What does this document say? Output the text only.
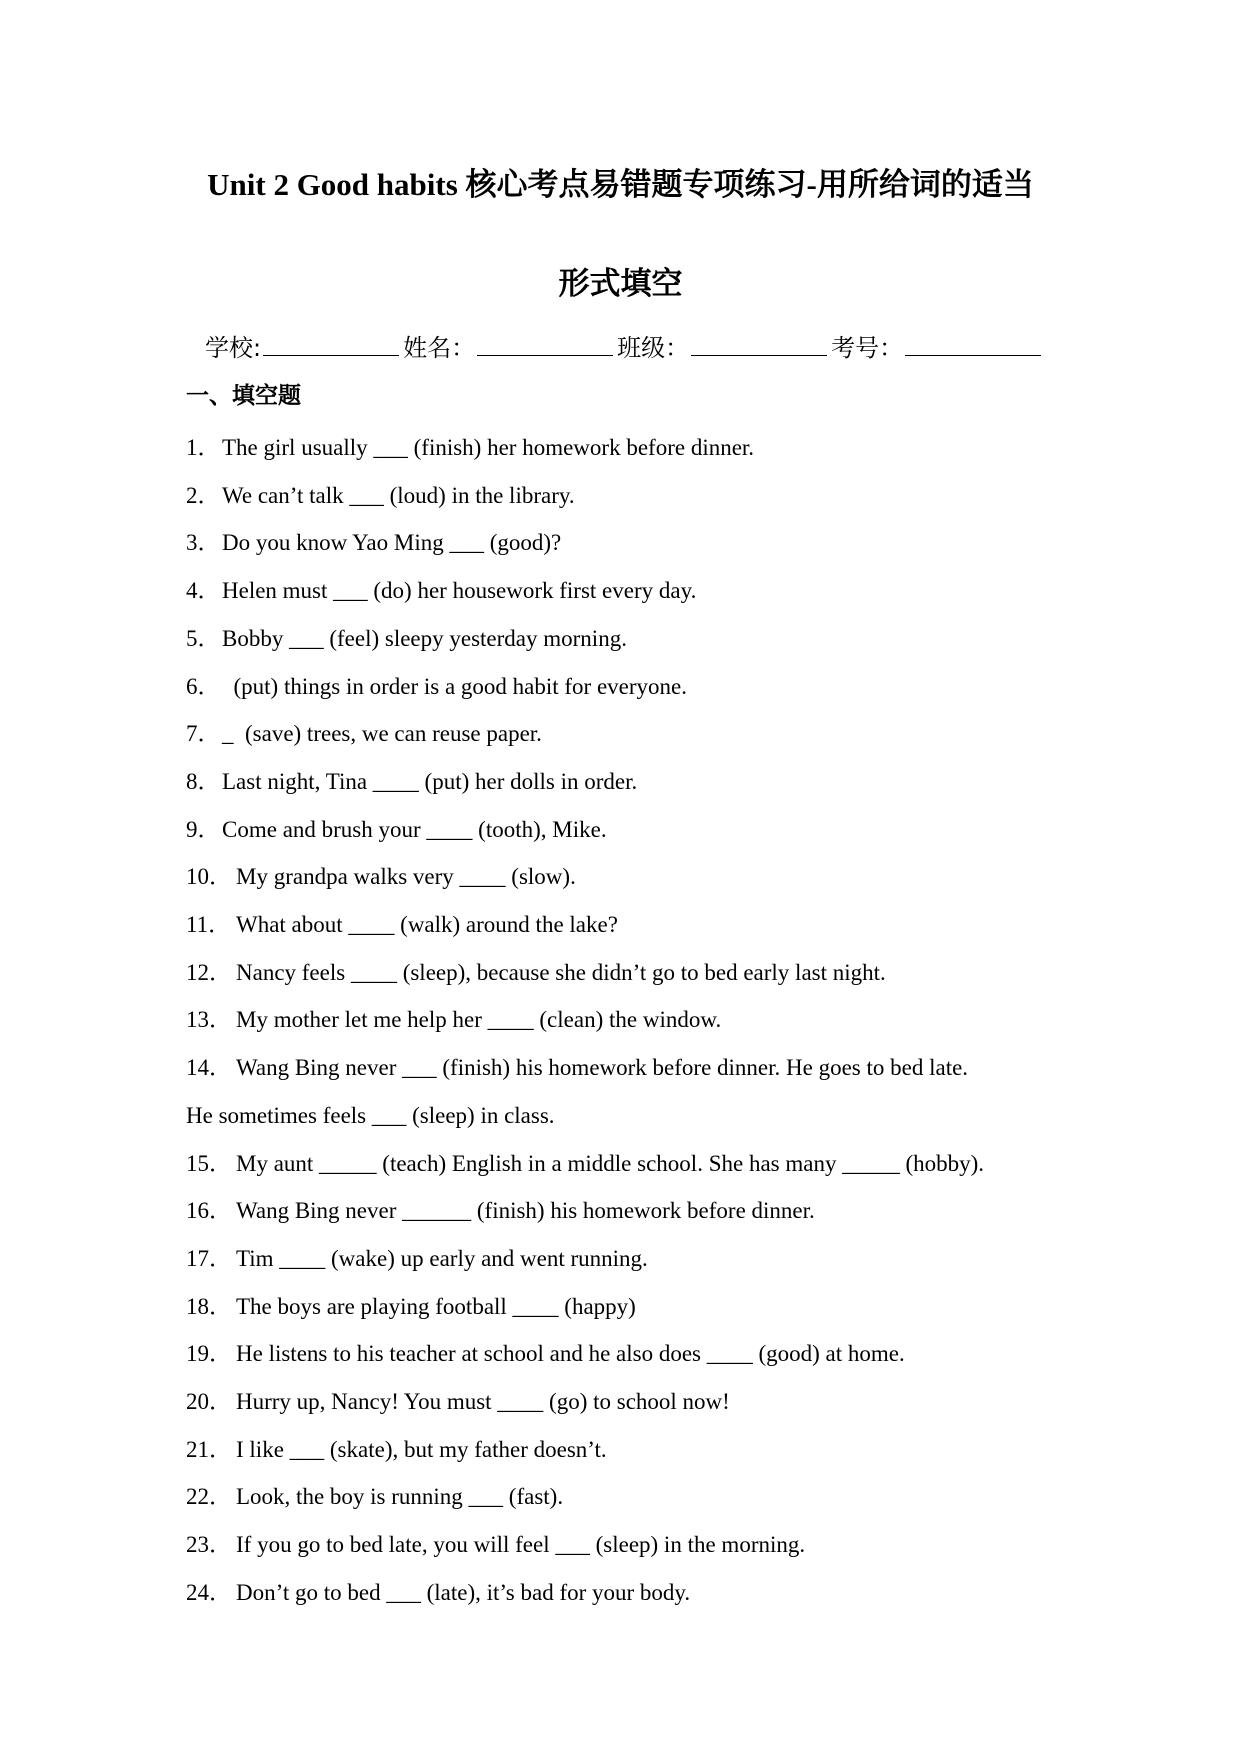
Unit 2 Good habits 核心考点易错题专项练习-用所给词的适当
形式填空
学校:	姓名：	班级：	考号：
一、填空题
1．The girl usually ___ (finish) her homework before dinner.
2．We can’t talk ___ (loud) in the library.
3．Do you know Yao Ming ___ (good)?
4．Helen must ___ (do) her housework first every day.
5．Bobby ___ (feel) sleepy yesterday morning.
6．  (put) things in order is a good habit for everyone.
7．_  (save) trees, we can reuse paper.
8．Last night, Tina ____ (put) her dolls in order.
9．Come and brush your ____ (tooth), Mike.
10． My grandpa walks very ____ (slow).
11． What about ____ (walk) around the lake?
12． Nancy feels ____ (sleep), because she didn’t go to bed early last night.
13． My mother let me help her ____ (clean) the window.
14． Wang Bing never ___ (finish) his homework before dinner. He goes to bed late.
He sometimes feels ___ (sleep) in class.
15． My aunt _____ (teach) English in a middle school. She has many _____ (hobby).
16． Wang Bing never ______ (finish) his homework before dinner.
17． Tim ____ (wake) up early and went running.
18． The boys are playing football ____ (happy)
19． He listens to his teacher at school and he also does ____ (good) at home.
20． Hurry up, Nancy! You must ____ (go) to school now!
21． I like ___ (skate), but my father doesn’t.
22． Look, the boy is running ___ (fast).
23． If you go to bed late, you will feel ___ (sleep) in the morning.
24． Don’t go to bed ___ (late), it’s bad for your body.
